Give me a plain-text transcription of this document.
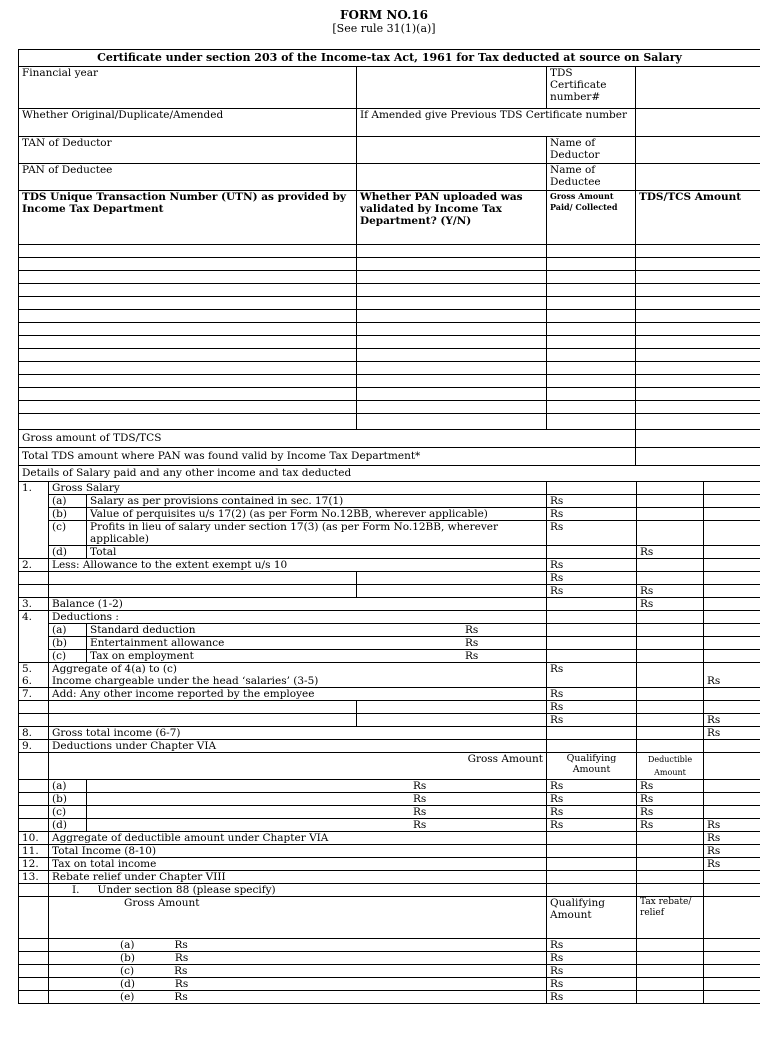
FORM NO.16
[See rule 31(1)(a)]
Certificate under section 203 of the Income-tax Act, 1961 for Tax deducted at source on Salary			
Financial year		TDS Certificate number#	
Whether Original/Duplicate/Amended	If Amended give Previous TDS Certificate number		
TAN of Deductor		Name of Deductor	
PAN of Deductee		Name of Deductee	
TDS Unique Transaction Number (UTN) as provided by Income Tax Department	Whether PAN uploaded was validated by Income Tax Department? (Y/N)	Gross Amount Paid/ Collected	TDS/TCS Amount

Gross amount of TDS/TCS			
Total TDS amount where PAN was found valid by Income Tax Department*			
Details of Salary paid and any other income and tax deducted			
1.	Gross Salary					
	(a)	Salary as per provisions contained in sec. 17(1)		Rs		
	(b)	Value of perquisites u/s 17(2) (as per Form No.12BB, wherever applicable)		Rs		
	(c)	Profits in lieu of salary under section 17(3) (as per Form No.12BB, wherever applicable)		Rs		
	(d)	Total			Rs	
2.	Less: Allowance to the extent exempt u/s 10			Rs		
				Rs		
				Rs	Rs	
3.	Balance (1-2)				Rs	
4.	Deductions :					
	(a)	Standard deduction Rs				

	(b)	Entertainment allowance Rs				

	(c)	Tax on employment Rs				

5.	Aggregate of 4(a) to (c)			Rs		
6.	Income chargeable under the head ‘salaries’ (3-5)					Rs
7.	Add: Any other income reported by the employee			Rs		
				Rs		
				Rs		Rs
8.	Gross total income (6-7)					Rs
9.	Deductions under Chapter VIA					
	Gross Amount			Qualifying Amount	Deductible Amount	
	(a)	Rs		Rs	Rs	
	(b)	Rs		Rs	Rs	
	(c)	Rs		Rs	Rs	
	(d)	Rs		Rs	Rs	Rs
10.	Aggregate of deductible amount under Chapter VIA					Rs
11.	Total Income (8-10)					Rs
12.	Tax on total income					Rs
13.	Rebate relief under Chapter VIII					
	I. Under section 88 (please specify)					
	Gross Amount			Qualifying Amount	Tax rebate/ relief	
	(a) Rs			Rs		
	(b) Rs			Rs		
	(c) Rs			Rs		
	(d) Rs			Rs		
	(e) Rs			Rs		
